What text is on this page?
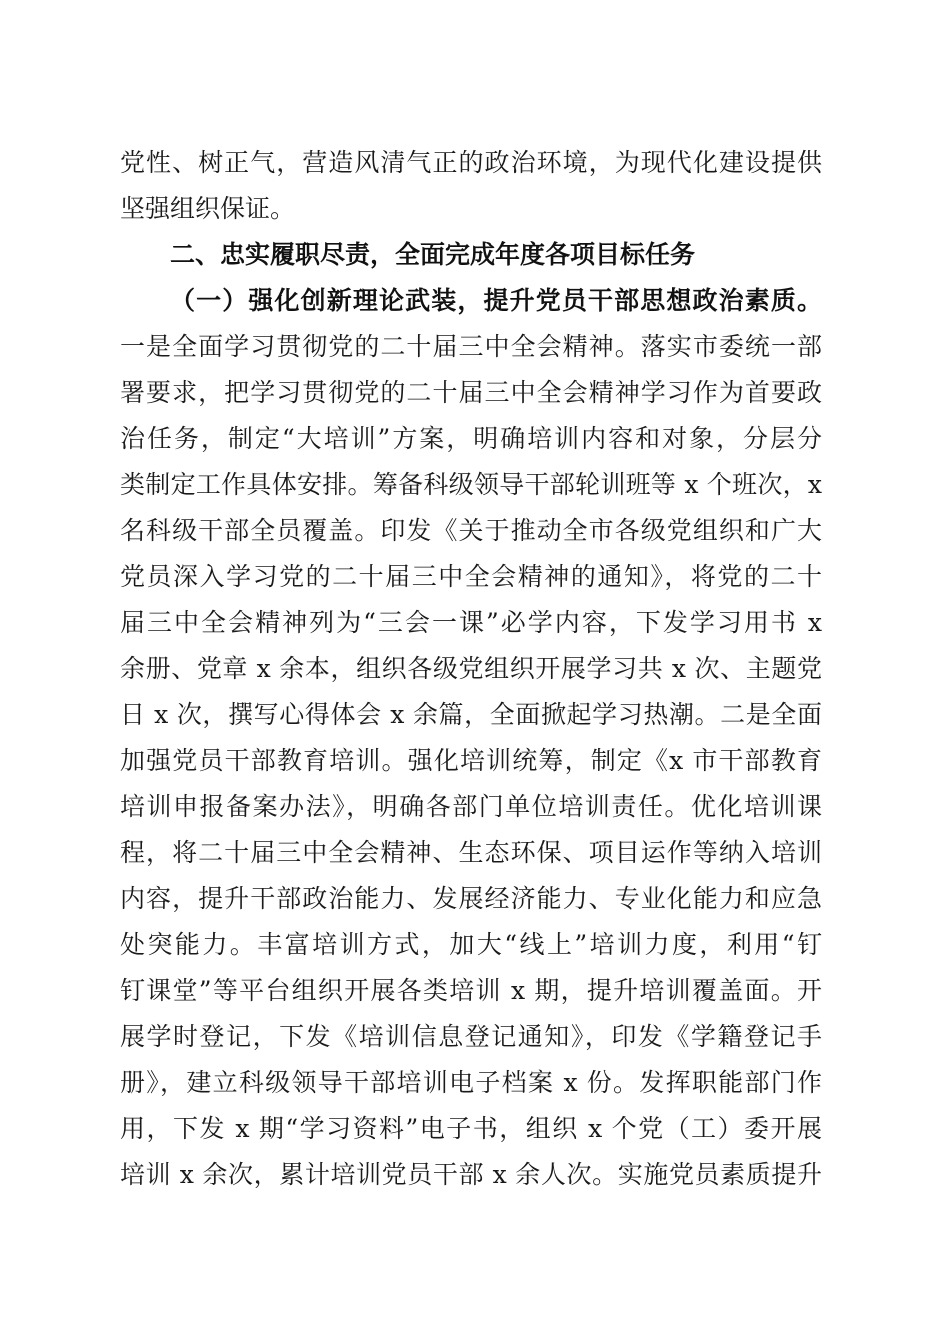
党性、树正气，营造风清气正的政治环境，为现代化建设提供
坚强组织保证。
二、忠实履职尽责，全面完成年度各项目标任务
（一）强化创新理论武装，提升党员干部思想政治素质。
一是全面学习贯彻党的二十届三中全会精神。落实市委统一部
署要求，把学习贯彻党的二十届三中全会精神学习作为首要政
治任务，制定“大培训”方案，明确培训内容和对象，分层分
类制定工作具体安排。筹备科级领导干部轮训班等 x 个班次，x
名科级干部全员覆盖。印发《关于推动全市各级党组织和广大
党员深入学习党的二十届三中全会精神的通知》，将党的二十
届三中全会精神列为“三会一课”必学内容，下发学习用书 x
余册、党章 x 余本，组织各级党组织开展学习共 x 次、主题党
日 x 次，撰写心得体会 x 余篇，全面掀起学习热潮。二是全面
加强党员干部教育培训。强化培训统筹，制定《x 市干部教育
培训申报备案办法》，明确各部门单位培训责任。优化培训课
程，将二十届三中全会精神、生态环保、项目运作等纳入培训
内容，提升干部政治能力、发展经济能力、专业化能力和应急
处突能力。丰富培训方式，加大“线上”培训力度，利用“钉
钉课堂”等平台组织开展各类培训 x 期，提升培训覆盖面。开
展学时登记，下发《培训信息登记通知》，印发《学籍登记手
册》，建立科级领导干部培训电子档案 x 份。发挥职能部门作
用，下发 x 期“学习资料”电子书，组织 x 个党（工）委开展
培训 x 余次，累计培训党员干部 x 余人次。实施党员素质提升
